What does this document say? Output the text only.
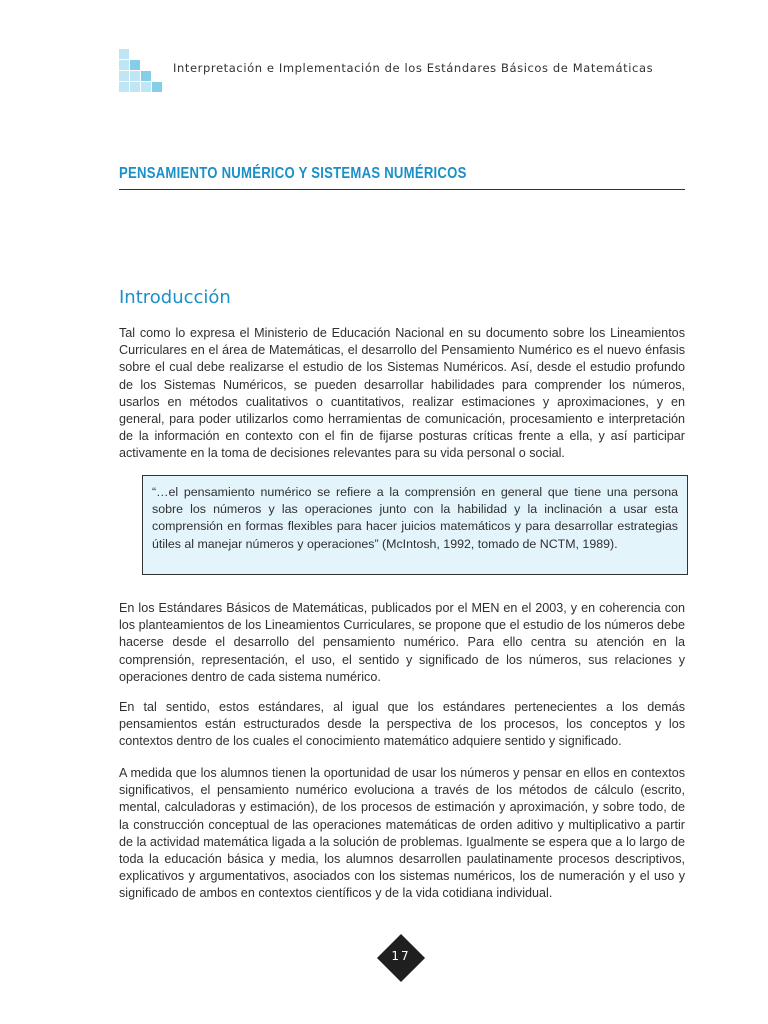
Interpretación e Implementación de los Estándares Básicos de Matemáticas
PENSAMIENTO NUMÉRICO Y SISTEMAS NUMÉRICOS
Introducción

Tal como lo expresa el Ministerio de Educación Nacional en su documento sobre los Lineamientos Curriculares en el área de Matemáticas, el desarrollo del Pensamiento Numérico es el nuevo énfasis sobre el cual debe realizarse el estudio de los Sistemas Numéricos. Así, desde el estudio profundo de los Sistemas Numéricos, se pueden desarrollar habilidades para comprender los números, usarlos en métodos cualitativos o cuantitativos, realizar estimaciones y aproximaciones, y en general, para poder utilizarlos como herramientas de comunicación, procesamiento e interpretación de la información en contexto con el fin de fijarse posturas críticas frente a ella, y así participar activamente en la toma de decisiones relevantes para su vida personal o social.

“…el pensamiento numérico se refiere a la comprensión en general que tiene una persona sobre los números y las operaciones junto con la habilidad y la inclinación a usar esta comprensión en formas flexibles para hacer juicios matemáticos y para desarrollar estrategias útiles al manejar números y operaciones” (McIntosh, 1992, tomado de NCTM, 1989).

En los Estándares Básicos de Matemáticas, publicados por el MEN en el 2003, y en coherencia con los planteamientos de los Lineamientos Curriculares, se propone que el estudio de los números debe hacerse desde el desarrollo del pensamiento numérico. Para ello centra su atención en la comprensión, representación, el uso, el sentido y significado de los números, sus relaciones y operaciones dentro de cada sistema numérico.

En tal sentido, estos estándares, al igual que los estándares pertenecientes a los demás pensamientos están estructurados desde la perspectiva de los procesos, los conceptos y los contextos dentro de los cuales el conocimiento matemático adquiere sentido y significado.

A medida que los alumnos tienen la oportunidad de usar los números y pensar en ellos en contextos significativos, el pensamiento numérico evoluciona a través de los métodos de cálculo (escrito, mental, calculadoras y estimación), de los procesos de estimación y aproximación, y sobre todo, de la construcción conceptual de las operaciones matemáticas de orden aditivo y multiplicativo a partir de la actividad matemática ligada a la solución de problemas. Igualmente se espera que a lo largo de toda la educación básica y media, los alumnos desarrollen paulatinamente procesos descriptivos, explicativos y argumentativos, asociados con los sistemas numéricos, los de numeración y el uso y significado de ambos en contextos científicos y de la vida cotidiana individual.

17
